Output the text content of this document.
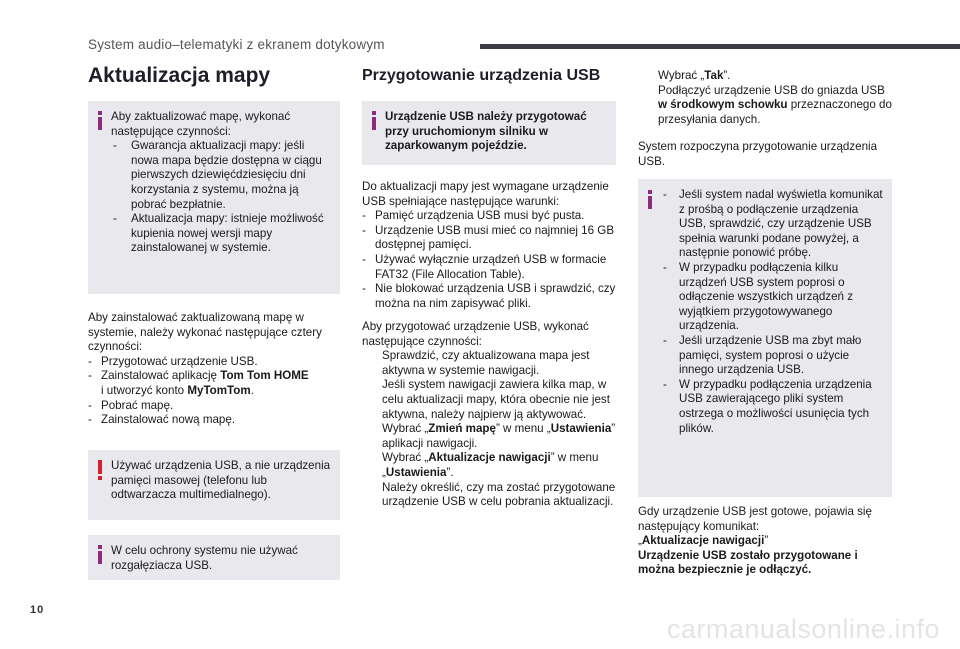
System audio–telematyki z ekranem dotykowym
Aktualizacja mapy

Aby zaktualizować mapę, wykonać następujące czynności:

- Gwarancja aktualizacji mapy: jeśli nowa mapa będzie dostępna w ciągu pierwszych dziewięćdziesięciu dni korzystania z systemu, można ją pobrać bezpłatnie.
- Aktualizacja mapy: istnieje możliwość kupienia nowej wersji mapy zainstalowanej w systemie.

Aby zainstalować zaktualizowaną mapę w systemie, należy wykonać następujące cztery czynności:

- Przygotować urządzenie USB.
- Zainstalować aplikację Tom Tom HOME
i utworzyć konto MyTomTom.
- Pobrać mapę.
- Zainstalować nową mapę.

Używać urządzenia USB, a nie urządzenia pamięci masowej (telefonu lub odtwarzacza multimedialnego).

W celu ochrony systemu nie używać rozgałęziacza USB.

Przygotowanie urządzenia USB

Urządzenie USB należy przygotować przy uruchomionym silniku w zaparkowanym pojeździe.

Do aktualizacji mapy jest wymagane urządzenie USB spełniające następujące warunki:

- Pamięć urządzenia USB musi być pusta.
- Urządzenie USB musi mieć co najmniej 16 GB dostępnej pamięci.
- Używać wyłącznie urządzeń USB w formacie FAT32 (File Allocation Table).
- Nie blokować urządzenia USB i sprawdzić, czy można na nim zapisywać pliki.

Aby przygotować urządzenie USB, wykonać następujące czynności:

Sprawdzić, czy aktualizowana mapa jest aktywna w systemie nawigacji.
Jeśli system nawigacji zawiera kilka map, w celu aktualizacji mapy, która obecnie nie jest aktywna, należy najpierw ją aktywować.
Wybrać „Zmień mapę” w menu „Ustawienia” aplikacji nawigacji.
Wybrać „Aktualizacje nawigacji” w menu „Ustawienia”.
Należy określić, czy ma zostać przygotowane urządzenie USB w celu pobrania aktualizacji.
Wybrać „Tak”.
Podłączyć urządzenie USB do gniazda USB w środkowym schowku przeznaczonego do przesyłania danych.

System rozpoczyna przygotowanie urządzenia USB.

- Jeśli system nadal wyświetla komunikat z prośbą o podłączenie urządzenia USB, sprawdzić, czy urządzenie USB spełnia warunki podane powyżej, a następnie ponowić próbę.
- W przypadku podłączenia kilku urządzeń USB system poprosi o odłączenie wszystkich urządzeń z wyjątkiem przygotowywanego urządzenia.
- Jeśli urządzenie USB ma zbyt mało pamięci, system poprosi o użycie innego urządzenia USB.
- W przypadku podłączenia urządzenia USB zawierającego pliki system ostrzega o możliwości usunięcia tych plików.

Gdy urządzenie USB jest gotowe, pojawia się następujący komunikat:

„Aktualizacje nawigacji”

Urządzenie USB zostało przygotowane i można bezpiecznie je odłączyć.

10
carmanualsonline.info
